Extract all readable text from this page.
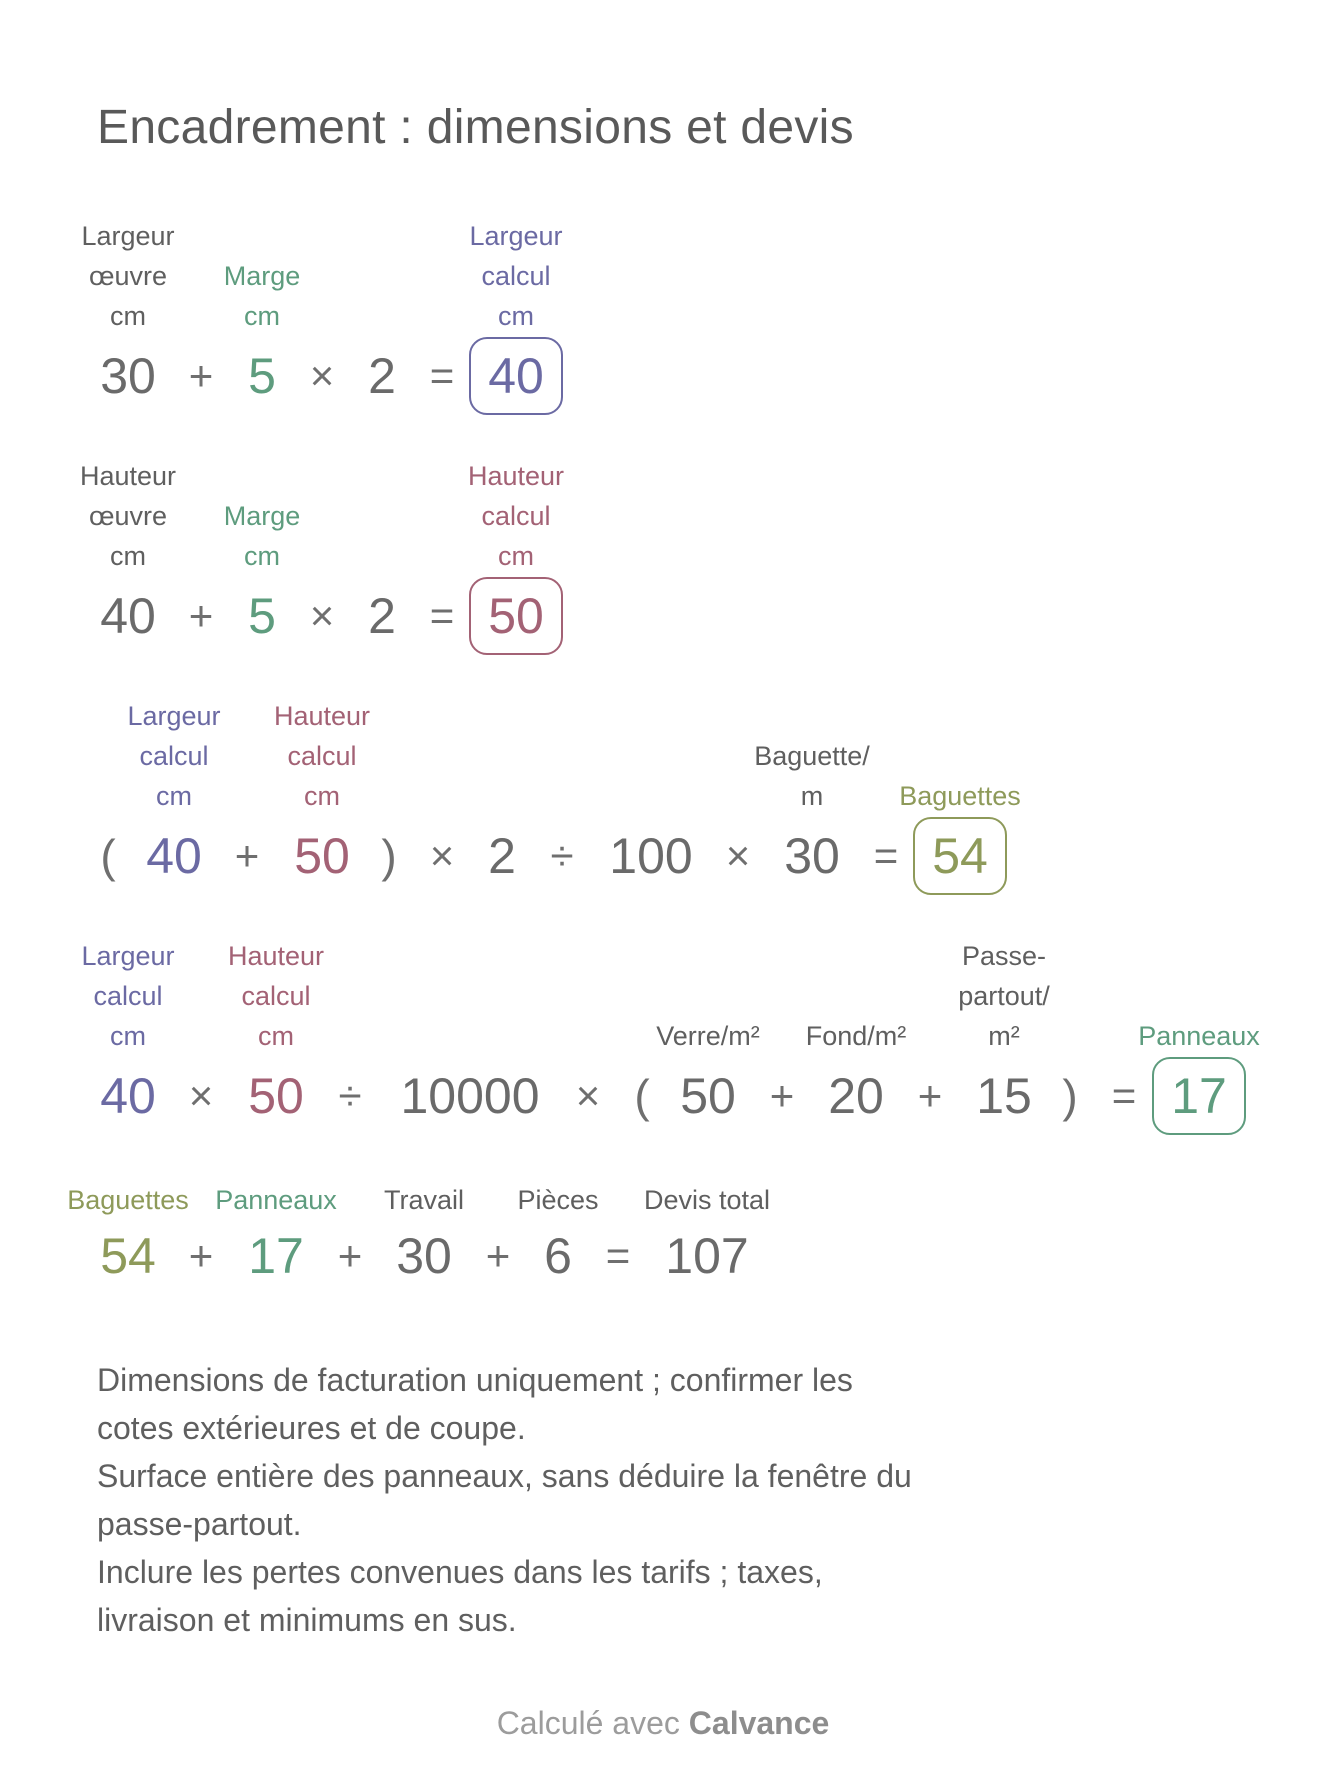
Encadrement : dimensions et devis
Largeur
œuvre
cm
Marge
cm
Largeur
calcul
cm
30 + 5 × 2 = 40
Hauteur
œuvre
cm
Marge
cm
Hauteur
calcul
cm
40 + 5 × 2 = 50
Largeur
calcul
cm
Hauteur
calcul
cm
Baguette/
m	Baguettes
( 40 + 50 ) × 2 ÷ 100 × 30 = 54
Largeur
calcul
cm
Hauteur
calcul
cm	Verre/m²	Fond/m²
Passe-
partout/
m²	Panneaux
40 × 50 ÷ 10000 × ( 50 + 20 + 15 ) = 17
Baguettes Panneaux	Travail	Pièces	Devis total
54 + 17 + 30 + 6 = 107
Dimensions de facturation uniquement ; confirmer les
cotes extérieures et de coupe.
Surface entière des panneaux, sans déduire la fenêtre du
passe-partout.
Inclure les pertes convenues dans les tarifs ; taxes,
livraison et minimums en sus.
Calculé avec Calvance
